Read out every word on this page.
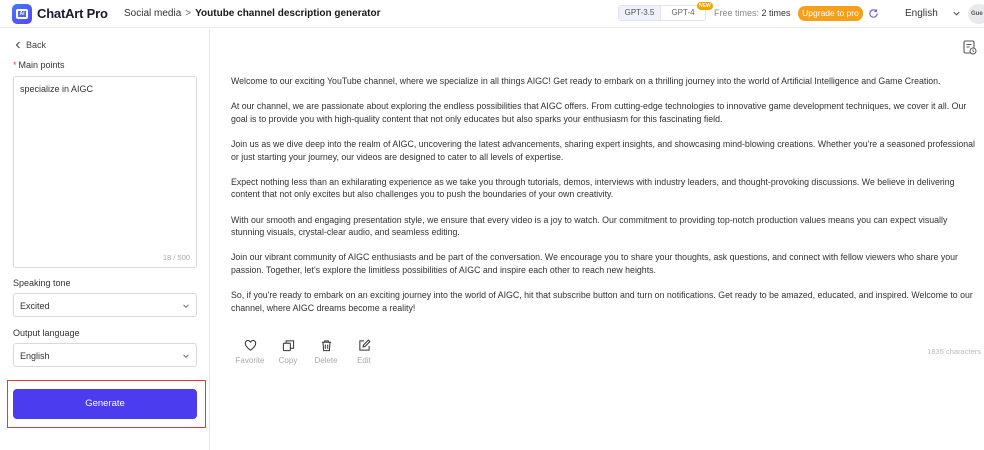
Ai ChatArt Pro Social media > Youtube channel description generator	GPT-3.5	GPT-4
NEW
Free times: 2 times	Upgrade to pro	English	Gue
Back
* Main points
specialize in AIGC
18 / 500
Speaking tone
Excited
Output language
English
Generate

Welcome to our exciting YouTube channel, where we specialize in all things AIGC! Get ready to embark on a thrilling journey into the world of Artificial Intelligence and Game Creation.

At our channel, we are passionate about exploring the endless possibilities that AIGC offers. From cutting-edge technologies to innovative game development techniques, we cover it all. Our goal is to provide you with high-quality content that not only educates but also sparks your enthusiasm for this fascinating field.

Join us as we dive deep into the realm of AIGC, uncovering the latest advancements, sharing expert insights, and showcasing mind-blowing creations. Whether you're a seasoned professional or just starting your journey, our videos are designed to cater to all levels of expertise.

Expect nothing less than an exhilarating experience as we take you through tutorials, demos, interviews with industry leaders, and thought-provoking discussions. We believe in delivering content that not only excites but also challenges you to push the boundaries of your own creativity.

With our smooth and engaging presentation style, we ensure that every video is a joy to watch. Our commitment to providing top-notch production values means you can expect visually stunning visuals, crystal-clear audio, and seamless editing.

Join our vibrant community of AIGC enthusiasts and be part of the conversation. We encourage you to share your thoughts, ask questions, and connect with fellow viewers who share your passion. Together, let's explore the limitless possibilities of AIGC and inspire each other to reach new heights.

So, if you're ready to embark on an exciting journey into the world of AIGC, hit that subscribe button and turn on notifications. Get ready to be amazed, educated, and inspired. Welcome to our channel, where AIGC dreams become a reality!

Favorite Copy Delete Edit
1835 characters
